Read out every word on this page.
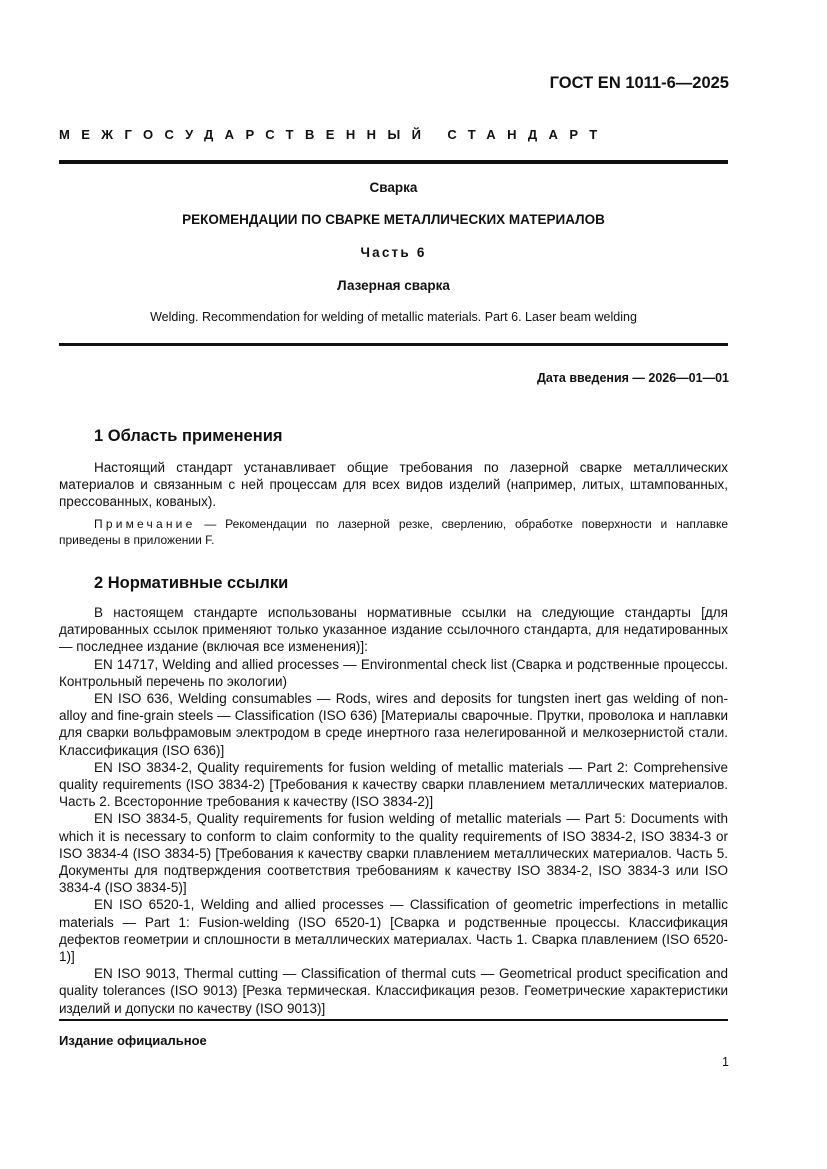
ГОСТ EN 1011-6—2025
МЕЖГОСУДАРСТВЕННЫЙ СТАНДАРТ
Сварка
РЕКОМЕНДАЦИИ ПО СВАРКЕ МЕТАЛЛИЧЕСКИХ МАТЕРИАЛОВ
Часть 6
Лазерная сварка
Welding. Recommendation for welding of metallic materials. Part 6. Laser beam welding
Дата введения — 2026—01—01
1 Область применения

Настоящий стандарт устанавливает общие требования по лазерной сварке металлических материалов и связанным с ней процессам для всех видов изделий (например, литых, штампованных, прессованных, кованых).

Примечание — Рекомендации по лазерной резке, сверлению, обработке поверхности и наплавке приведены в приложении F.

2 Нормативные ссылки

В настоящем стандарте использованы нормативные ссылки на следующие стандарты [для датированных ссылок применяют только указанное издание ссылочного стандарта, для недатированных — последнее издание (включая все изменения)]:

EN 14717, Welding and allied processes — Environmental check list (Сварка и родственные процессы. Контрольный перечень по экологии)

EN ISO 636, Welding consumables — Rods, wires and deposits for tungsten inert gas welding of non-alloy and fine-grain steels — Classification (ISO 636) [Материалы сварочные. Прутки, проволока и наплавки для сварки вольфрамовым электродом в среде инертного газа нелегированной и мелкозернистой стали. Классификация (ISO 636)]

EN ISO 3834-2, Quality requirements for fusion welding of metallic materials — Part 2: Comprehensive quality requirements (ISO 3834-2) [Требования к качеству сварки плавлением металлических материалов. Часть 2. Всесторонние требования к качеству (ISO 3834-2)]

EN ISO 3834-5, Quality requirements for fusion welding of metallic materials — Part 5: Documents with which it is necessary to conform to claim conformity to the quality requirements of ISO 3834-2, ISO 3834-3 or ISO 3834-4 (ISO 3834-5) [Требования к качеству сварки плавлением металлических материалов. Часть 5. Документы для подтверждения соответствия требованиям к качеству ISO 3834-2, ISO 3834-3 или ISO 3834-4 (ISO 3834-5)]

EN ISO 6520-1, Welding and allied processes — Classification of geometric imperfections in metallic materials — Part 1: Fusion-welding (ISO 6520-1) [Сварка и родственные процессы. Классификация дефектов геометрии и сплошности в металлических материалах. Часть 1. Сварка плавлением (ISO 6520-1)]

EN ISO 9013, Thermal cutting — Classification of thermal cuts — Geometrical product specification and quality tolerances (ISO 9013) [Резка термическая. Классификация резов. Геометрические характеристики изделий и допуски по качеству (ISO 9013)]

Издание официальное
1
